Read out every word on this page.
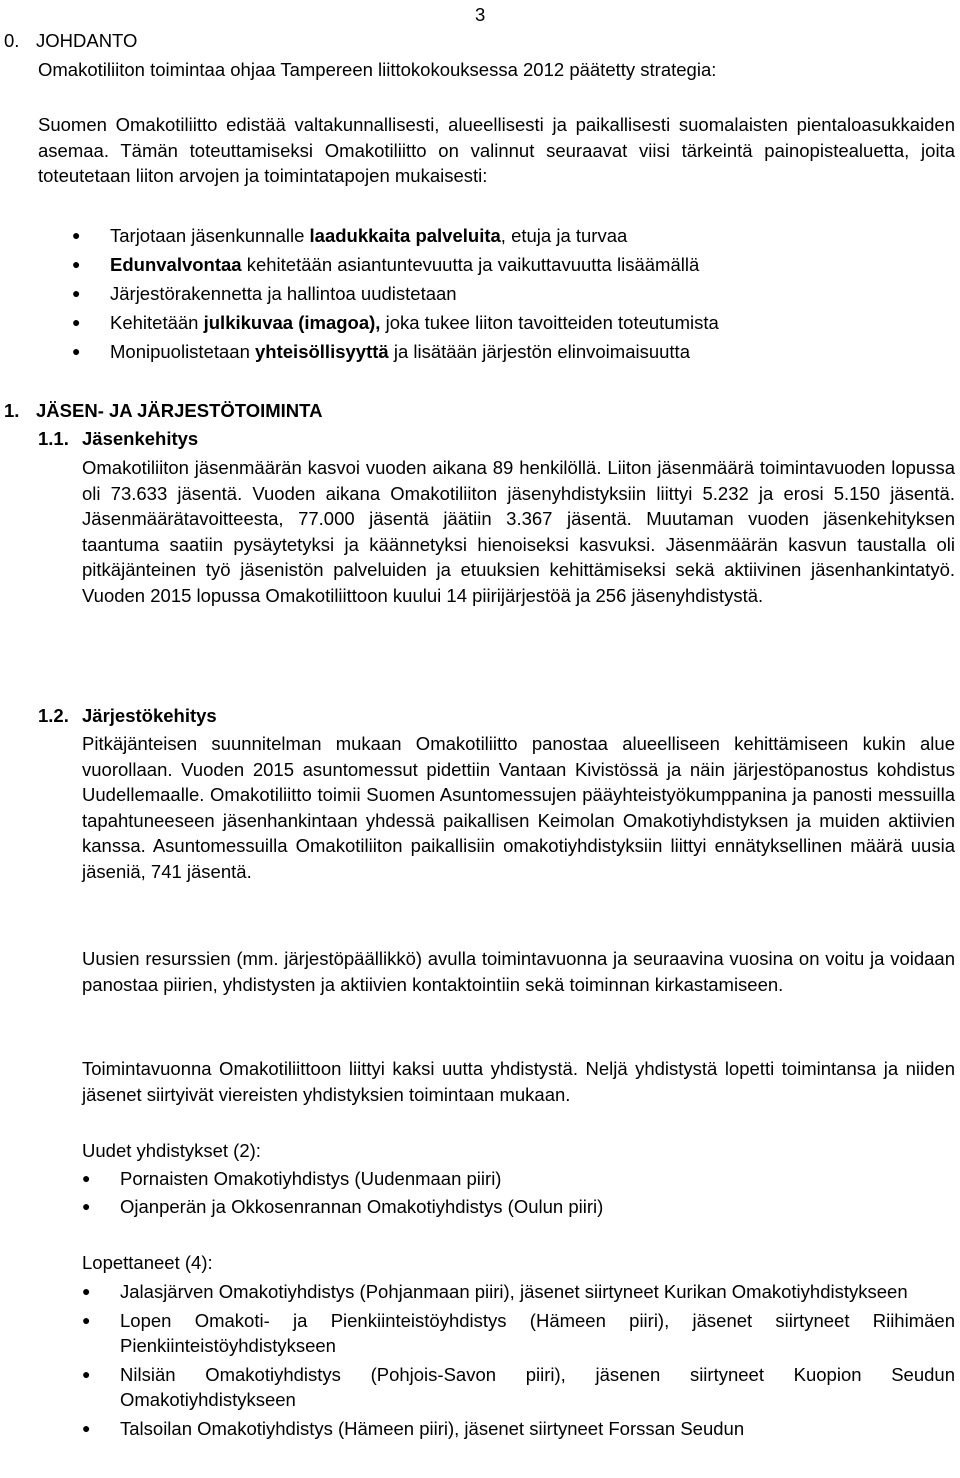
3
0. JOHDANTO
Omakotiliiton toimintaa ohjaa Tampereen liittokokouksessa 2012 päätetty strategia:
Suomen Omakotiliitto edistää valtakunnallisesti, alueellisesti ja paikallisesti suomalaisten pientaloasukkaiden asemaa. Tämän toteuttamiseksi Omakotiliitto on valinnut seuraavat viisi tärkeintä painopistealuetta, joita toteutetaan liiton arvojen ja toimintatapojen mukaisesti:
●	Tarjotaan jäsenkunnalle laadukkaita palveluita, etuja ja turvaa
●	Edunvalvontaa kehitetään asiantuntevuutta ja vaikuttavuutta lisäämällä
●	Järjestörakennetta ja hallintoa uudistetaan
●	Kehitetään julkikuvaa (imagoa), joka tukee liiton tavoitteiden toteutumista
●	Monipuolistetaan yhteisöllisyyttä ja lisätään järjestön elinvoimaisuutta
1. JÄSEN- JA JÄRJESTÖTOIMINTA
1.1. Jäsenkehitys
Omakotiliiton jäsenmäärän kasvoi vuoden aikana 89 henkilöllä. Liiton jäsenmäärä toimintavuoden lopussa oli 73.633 jäsentä. Vuoden aikana Omakotiliiton jäsenyhdistyksiin liittyi 5.232 ja erosi 5.150 jäsentä. Jäsenmäärätavoitteesta, 77.000 jäsentä jäätiin 3.367 jäsentä. Muutaman vuoden jäsenkehityksen taantuma saatiin pysäytetyksi ja käännetyksi hienoiseksi kasvuksi. Jäsenmäärän kasvun taustalla oli pitkäjänteinen työ jäsenistön palveluiden ja etuuksien kehittämiseksi sekä aktiivinen jäsenhankintatyö. Vuoden 2015 lopussa Omakotiliittoon kuului 14 piirijärjestöä ja 256 jäsenyhdistystä.
1.2. Järjestökehitys
Pitkäjänteisen suunnitelman mukaan Omakotiliitto panostaa alueelliseen kehittämiseen kukin alue vuorollaan. Vuoden 2015 asuntomessut pidettiin Vantaan Kivistössä ja näin järjestöpanostus kohdistus Uudellemaalle. Omakotiliitto toimii Suomen Asuntomessujen pääyhteistyökumppanina ja panosti messuilla tapahtuneeseen jäsenhankintaan yhdessä paikallisen Keimolan Omakotiyhdistyksen ja muiden aktiivien kanssa. Asuntomessuilla Omakotiliiton paikallisiin omakotiyhdistyksiin liittyi ennätyksellinen määrä uusia jäseniä, 741 jäsentä.
Uusien resurssien (mm. järjestöpäällikkö) avulla toimintavuonna ja seuraavina vuosina on voitu ja voidaan panostaa piirien, yhdistysten ja aktiivien kontaktointiin sekä toiminnan kirkastamiseen.
Toimintavuonna Omakotiliittoon liittyi kaksi uutta yhdistystä. Neljä yhdistystä lopetti toimintansa ja niiden jäsenet siirtyivät viereisten yhdistyksien toimintaan mukaan.
Uudet yhdistykset (2):
●	Pornaisten Omakotiyhdistys (Uudenmaan piiri)
●	Ojanperän ja Okkosenrannan Omakotiyhdistys (Oulun piiri)
Lopettaneet (4):
●	Jalasjärven Omakotiyhdistys (Pohjanmaan piiri), jäsenet siirtyneet Kurikan Omakotiyhdistykseen
●	Lopen Omakoti- ja Pienkiinteistöyhdistys (Hämeen piiri), jäsenet siirtyneet Riihimäen Pienkiinteistöyhdistykseen
●	Nilsiän Omakotiyhdistys (Pohjois-Savon piiri), jäsenen siirtyneet Kuopion Seudun Omakotiyhdistykseen
●	Talsoilan Omakotiyhdistys (Hämeen piiri), jäsenet siirtyneet Forssan Seudun
